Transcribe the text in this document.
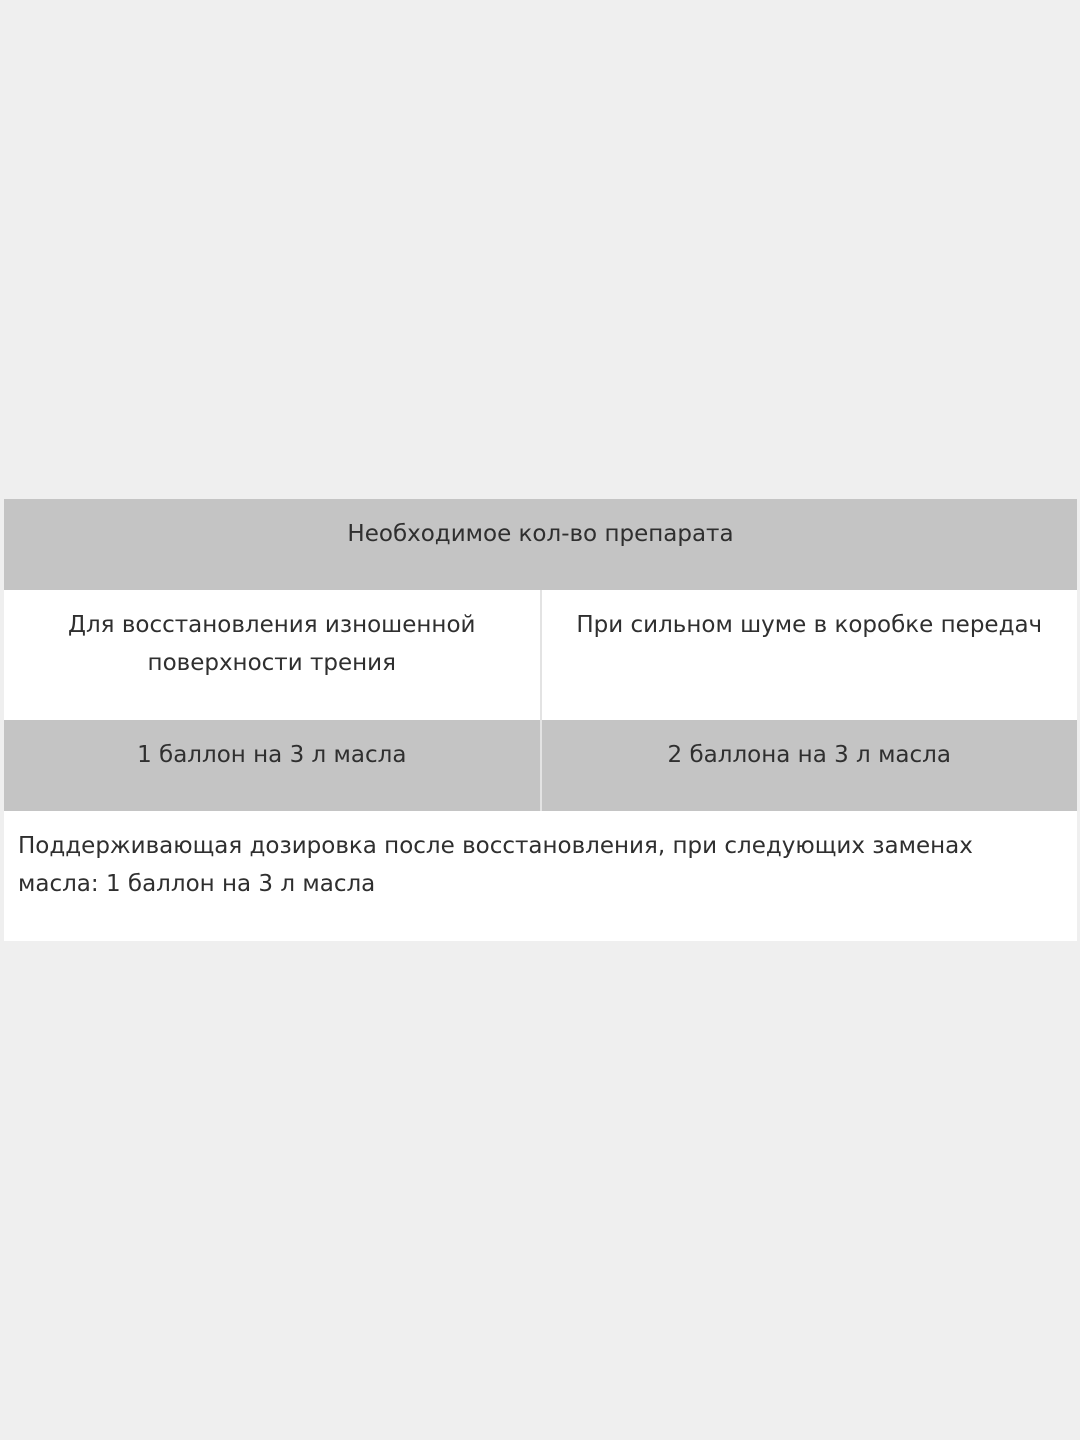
Необходимое кол-во препарата	
Для восстановления изношенной поверхности трения	При сильном шуме в коробке передач
1 баллон на 3 л масла	2 баллона на 3 л масла
Поддерживающая дозировка после восстановления, при следующих заменах масла: 1 баллон на 3 л масла	
